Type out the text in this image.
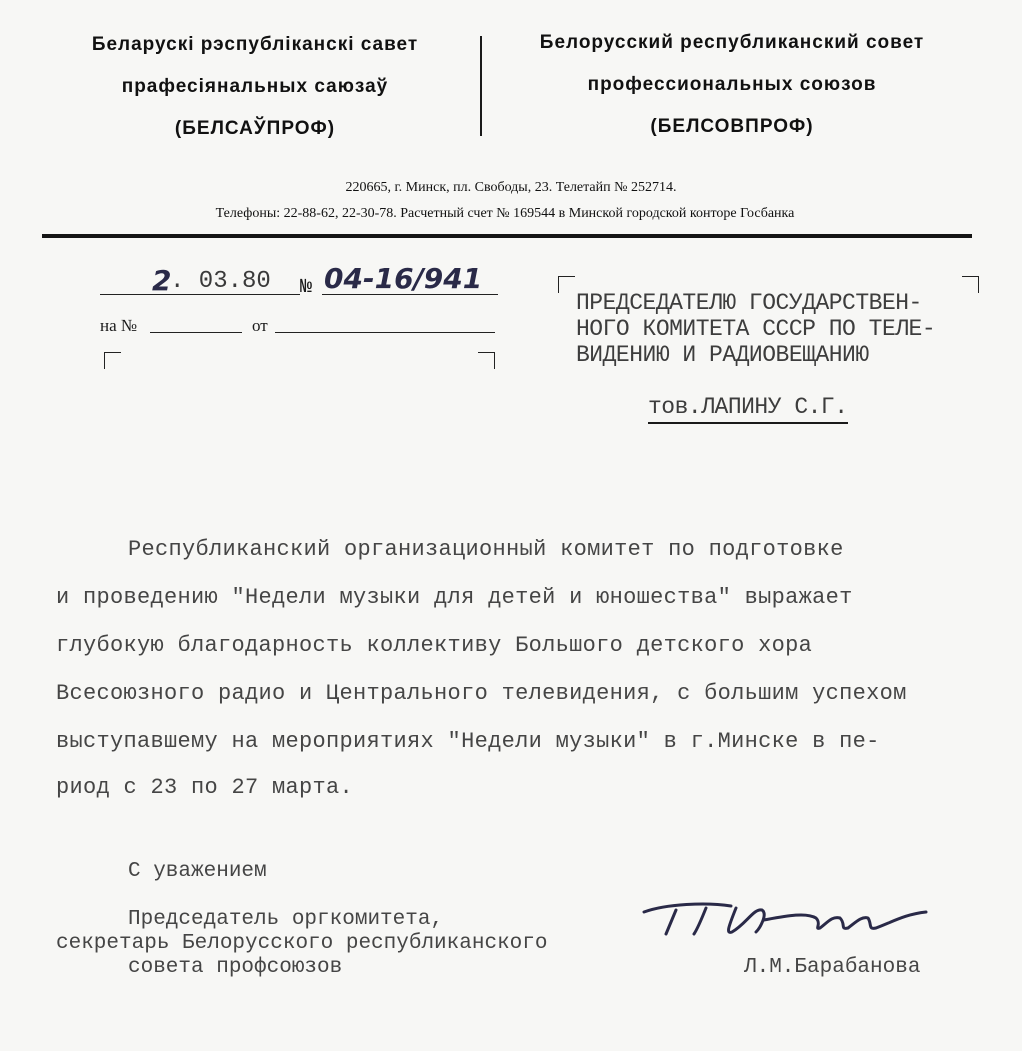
Беларускі рэспубліканскі савет
прафесіянальных саюзаў
(БЕЛСАЎПРОФ)
Белорусский республиканский совет
профессиональных союзов
(БЕЛСОВПРОФ)
220665, г. Минск, пл. Свободы, 23. Телетайп № 252714.
Телефоны: 22-88-62, 22-30-78. Расчетный счет № 169544 в Минской городской конторе Госбанка
2
. 03.80 № 04-16/941
на №	от
ПРЕДСЕДАТЕЛЮ ГОСУДАРСТВЕН-
НОГО КОМИТЕТА СССР ПО ТЕЛЕ-
ВИДЕНИЮ И РАДИОВЕЩАНИЮ
тов.ЛАПИНУ С.Г.
Республиканский организационный комитет по подготовке
и проведению "Недели музыки для детей и юношества" выражает
глубокую благодарность коллективу Большого детского хора
Всесоюзного радио и Центрального телевидения, с большим успехом
выступавшему на мероприятиях "Недели музыки" в г.Минске в пе-
риод с 23 по 27 марта.
С уважением
Председатель оргкомитета,
секретарь Белорусского республиканского
совета профсоюзов	Л.М.Барабанова
